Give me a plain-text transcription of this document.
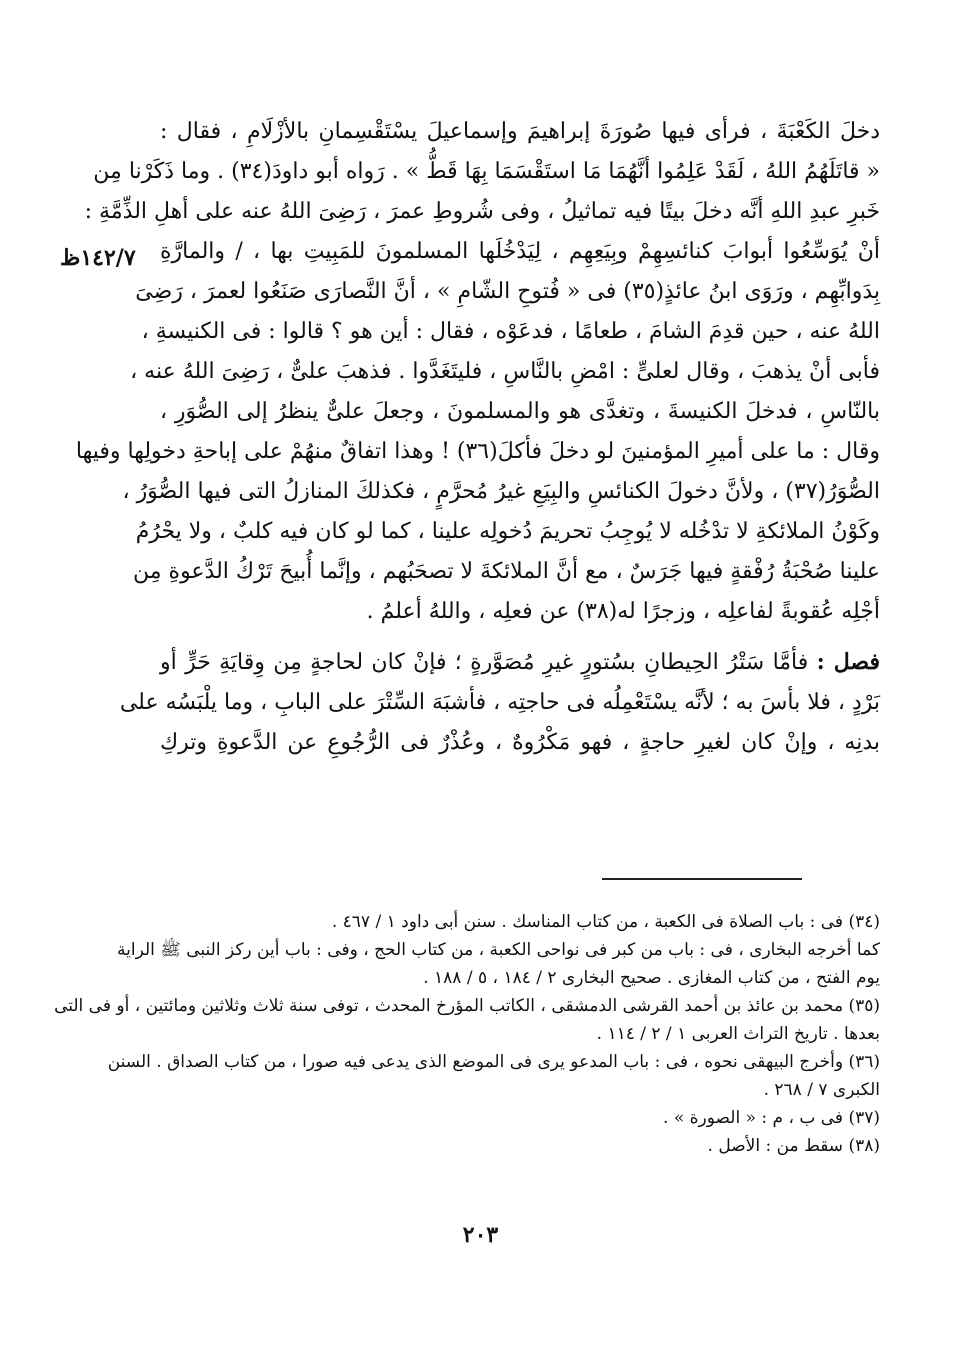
١٤٢/٧ظ
دخلَ الكَعْبَةَ ، فرأى فيها صُورَةَ إبراهيمَ وإسماعيلَ يسْتَقْسِمانِ بالأزْلَامِ ، فقال :
« قاتَلَهُمُ اللهُ ، لَقَدْ عَلِمُوا أنَّهُمَا مَا استَقْسَمَا بِهَا قَطُّ » . رَواه أبو داودَ(٣٤) . وما ذَكَرْنا مِن
خَبرِ عبدِ اللهِ أنَّه دخلَ بيتًا فيه تماثيلُ ، وفى شُروطِ عمرَ ، رَضِىَ اللهُ عنه على أهلِ الذِّمَّةِ :
أنْ يُوَسِّعُوا أبوابَ كنائسِهِمْ وبِيَعِهِم ، لِيَدْخُلَها المسلمونَ للمَبِيتِ بها ، / والمارَّةِ
بِدَوابِّهِم ، ورَوَى ابنُ عائذٍ(٣٥) فى « فُتوحِ الشّامِ » ، أنَّ النَّصارَى صَنَعُوا لعمرَ ، رَضِىَ
اللهُ عنه ، حين قدِمَ الشامَ ، طعامًا ، فدعَوْه ، فقال : أين هو ؟ قالوا : فى الكنيسةِ ،
فأبى أنْ يذهبَ ، وقال لعلىٍّ : امْضِ بالنَّاسِ ، فليتَغَدَّوا . فذهبَ علىٌّ ، رَضِىَ اللهُ عنه ،
بالنّاسِ ، فدخلَ الكنيسةَ ، وتغدَّى هو والمسلمونَ ، وجعلَ علىٌّ ينظرُ إلى الصُّوَرِ ،
وقال : ما على أميرِ المؤمنينَ لو دخلَ فأكلَ(٣٦) ! وهذا اتفاقٌ منهُمْ على إباحةِ دخولِها وفيها
الصُّوَرُ(٣٧) ، ولأنَّ دخولَ الكنائسِ والبِيَعِ غيرُ مُحرَّمٍ ، فكذلكَ المنازلُ التى فيها الصُّوَرُ ،
وكَوْنُ الملائكةِ لا تدْخُله لا يُوجِبُ تحريمَ دُخولِه علينا ، كما لو كان فيه كلبٌ ، ولا يحْرُمُ
علينا صُحْبَةُ رُفْقةٍ فيها جَرَسٌ ، مع أنَّ الملائكةَ لا تصحَبُهم ، وإنَّما أُبيحَ تَرْكُ الدَّعوةِ مِن
أجْلِه عُقوبةً لفاعلِه ، وزجرًا له(٣٨) عن فعلِه ، واللهُ أعلمُ .
فصل : فأمَّا سَتْرُ الحِيطانِ بسُتورٍ غيرِ مُصَوَّرةٍ ؛ فإنْ كان لحاجةٍ مِن وِقايَةِ حَرٍّ أو
بَرْدٍ ، فلا بأسَ به ؛ لأنَّه يسْتَعْمِلُه فى حاجتِه ، فأشبَهَ السِّتْرَ على البابِ ، وما يلْبَسُه على
بدنِه ، وإنْ كان لغيرِ حاجةٍ ، فهو مَكْرُوهٌ ، وعُذْرٌ فى الرُّجُوعِ عن الدَّعوةِ وتركِ
(٣٤) فى : باب الصلاة فى الكعبة ، من كتاب المناسك . سنن أبى داود ١ / ٤٦٧ .
كما أخرجه البخارى ، فى : باب من كبر فى نواحى الكعبة ، من كتاب الحج ، وفى : باب أين ركز النبى ﷺ الراية
يوم الفتح ، من كتاب المغازى . صحيح البخارى ٢ / ١٨٤ ، ٥ / ١٨٨ .
(٣٥) محمد بن عائذ بن أحمد القرشى الدمشقى ، الكاتب المؤرخ المحدث ، توفى سنة ثلاث وثلاثين ومائتين ، أو فى التى
بعدها . تاريخ التراث العربى ١ / ٢ / ١١٤ .
(٣٦) وأخرج البيهقى نحوه ، فى : باب المدعو يرى فى الموضع الذى يدعى فيه صورا ، من كتاب الصداق . السنن
الكبرى ٧ / ٢٦٨ .
(٣٧) فى ب ، م : « الصورة » .
(٣٨) سقط من : الأصل .
٢٠٣
